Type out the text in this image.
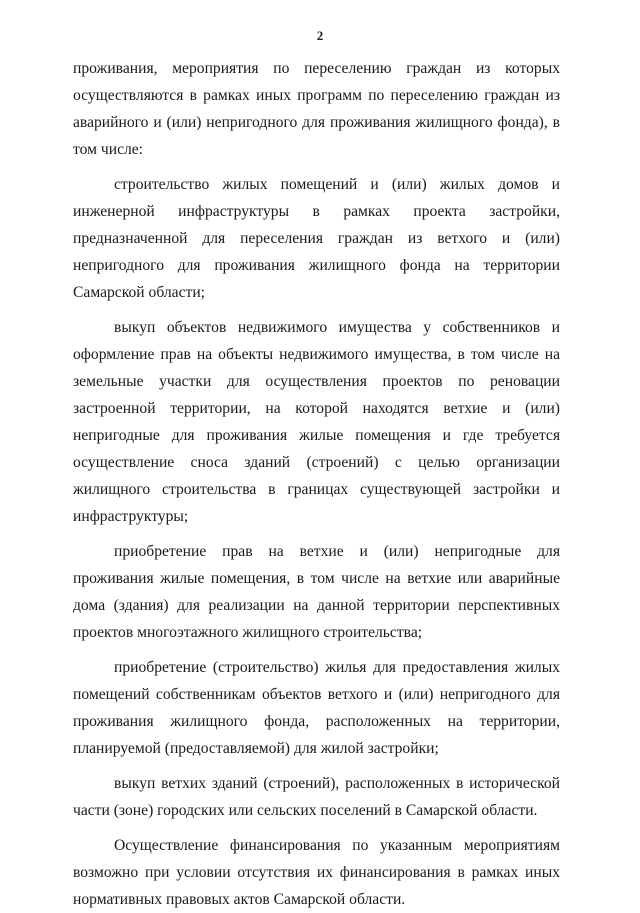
2

проживания, мероприятия по переселению граждан из которых осуществляются в рамках иных программ по переселению граждан из аварийного и (или) непригодного для проживания жилищного фонда), в том числе:

строительство жилых помещений и (или) жилых домов и инженерной инфраструктуры в рамках проекта застройки, предназначенной для переселения граждан из ветхого и (или) непригодного для проживания жилищного фонда на территории Самарской области;

выкуп объектов недвижимого имущества у собственников и оформление прав на объекты недвижимого имущества, в том числе на земельные участки для осуществления проектов по реновации застроенной территории, на которой находятся ветхие и (или) непригодные для проживания жилые помещения и где требуется осуществление сноса зданий (строений) с целью организации жилищного строительства в границах существующей застройки и инфраструктуры;

приобретение прав на ветхие и (или) непригодные для проживания жилые помещения, в том числе на ветхие или аварийные дома (здания) для реализации на данной территории перспективных проектов многоэтажного жилищного строительства;

приобретение (строительство) жилья для предоставления жилых помещений собственникам объектов ветхого и (или) непригодного для проживания жилищного фонда, расположенных на территории, планируемой (предоставляемой) для жилой застройки;

выкуп ветхих зданий (строений), расположенных в исторической части (зоне) городских или сельских поселений в Самарской области.

Осуществление финансирования по указанным мероприятиям возможно при условии отсутствия их финансирования в рамках иных нормативных правовых актов Самарской области.
